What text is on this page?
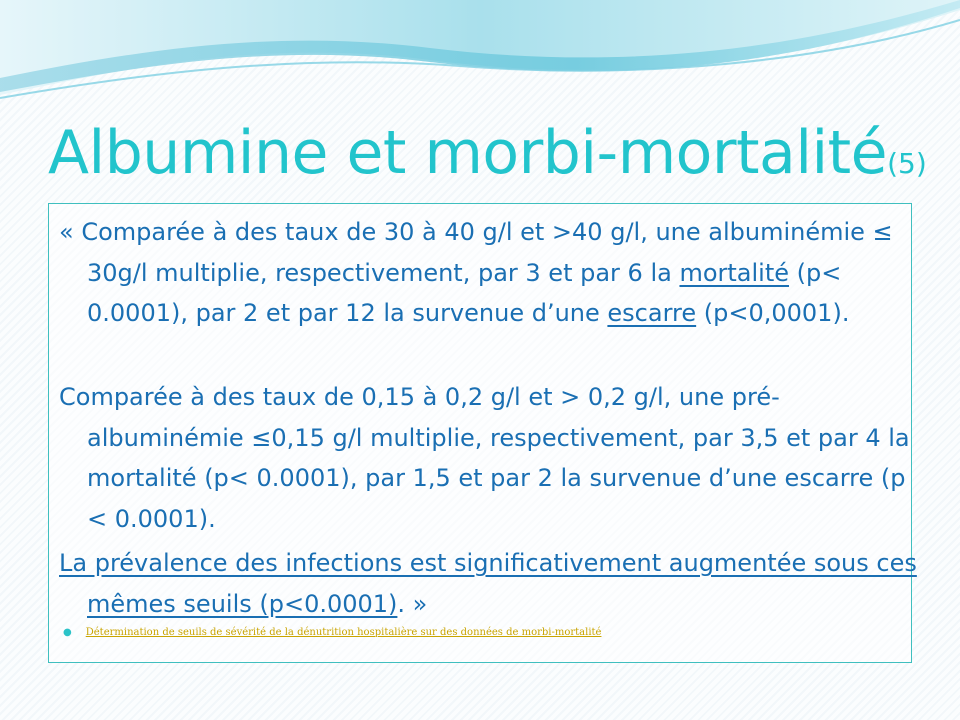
Albumine et morbi-mortalité(5)
« Comparée à des taux de 30 à 40 g/l et >40 g/l, une albuminémie ≤ 30g/l multiplie, respectivement, par 3 et par 6 la mortalité (p< 0.0001), par 2 et par 12 la survenue d’une escarre (p<0,0001).
Comparée à des taux de 0,15 à 0,2 g/l et > 0,2 g/l, une pré-albuminémie ≤0,15 g/l multiplie, respectivement, par 3,5 et par 4 la mortalité (p< 0.0001), par 1,5 et par 2 la survenue d’une escarre (p < 0.0001).
La prévalence des infections est significativement augmentée sous ces mêmes seuils (p<0.0001). »
● Détermination de seuils de sévérité de la dénutrition hospitalière sur des données de morbi-mortalité
